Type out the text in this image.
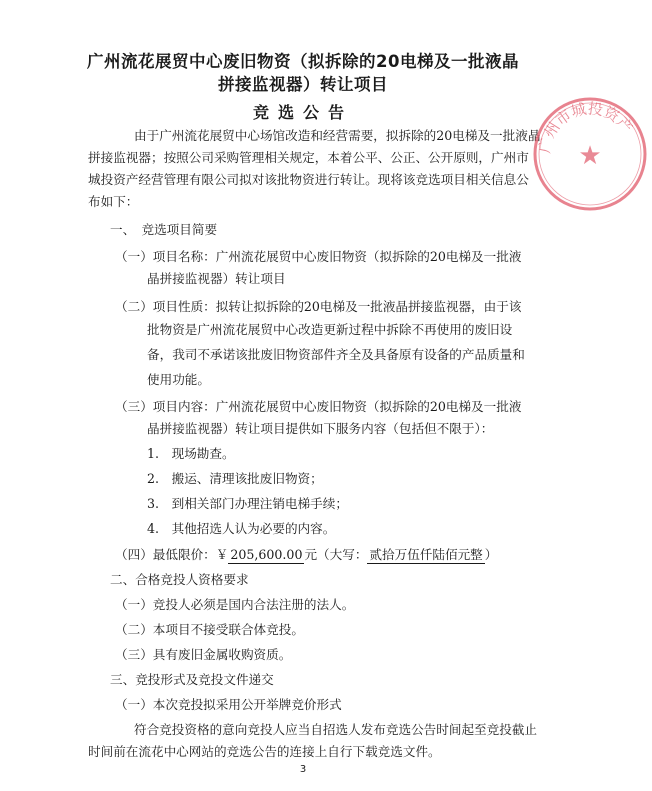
广州流花展贸中心废旧物资（拟拆除的20电梯及一批液晶
拼接监视器）转让项目
竞选公告
由于广州流花展贸中心场馆改造和经营需要，拟拆除的20电梯及一批液晶
拼接监视器；按照公司采购管理相关规定，本着公平、公正、公开原则，广州市
城投资产经营管理有限公司拟对该批物资进行转让。现将该竞选项目相关信息公
布如下：
一、　竞选项目简要
（一）项目名称：广州流花展贸中心废旧物资（拟拆除的20电梯及一批液
晶拼接监视器）转让项目
（二）项目性质：拟转让拟拆除的20电梯及一批液晶拼接监视器，由于该
批物资是广州流花展贸中心改造更新过程中拆除不再使用的废旧设
备，我司不承诺该批废旧物资部件齐全及具备原有设备的产品质量和
使用功能。
（三）项目内容：广州流花展贸中心废旧物资（拟拆除的20电梯及一批液
晶拼接监视器）转让项目提供如下服务内容（包括但不限于）：
1.　现场勘查。
2.　搬运、清理该批废旧物资；
3.　到相关部门办理注销电梯手续；
4.　其他招选人认为必要的内容。
（四）最低限价：￥ 205,600.00 元（大写： 贰拾万伍仟陆佰元整 ）
二、合格竞投人资格要求
（一）竞投人必须是国内合法注册的法人。
（二）本项目不接受联合体竞投。
（三）具有废旧金属收购资质。
三、竞投形式及竞投文件递交
（一）本次竞投拟采用公开举牌竞价形式
符合竞投资格的意向竞投人应当自招选人发布竞选公告时间起至竞投截止
时间前在流花中心网站的竞选公告的连接上自行下载竞选文件。
3
广州市城投资产
★
